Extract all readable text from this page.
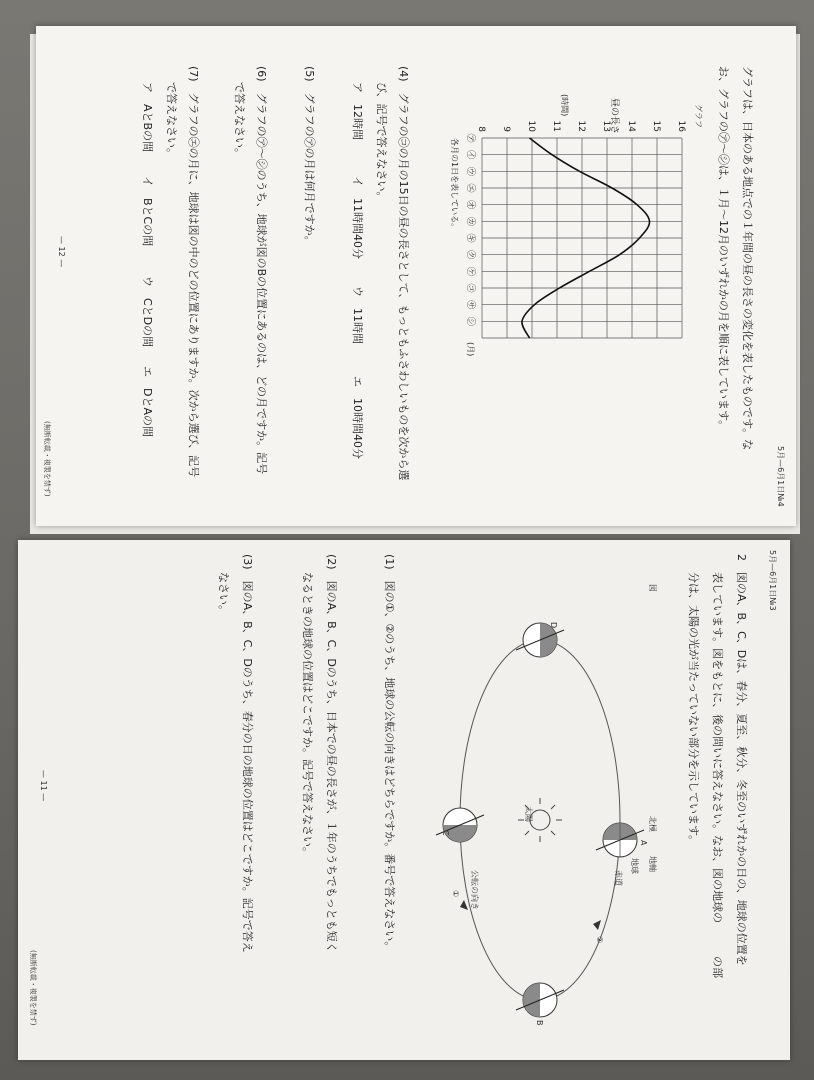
5月—6月1日№4
グラフは、日本のある地点での１年間の昼の長さの変化を表したものです。な
お、グラフの㋐〜㋛は、１月〜12月のいずれかの月を順に表しています。
グラフ
8 9 10 11 12 13 14 15 16
㋐
㋑
㋒
㋓
㋔
㋕
㋖
㋗
㋘
㋙
㋚
㋛
昼の長さ
(時間)
(月)
各月の1日を表している。
(4)　グラフの㋙の月の15日の昼の長さとして、もっともふさわしいものを次から選
び、記号で答えなさい。
ア　12時間
イ　11時間40分
ウ　11時間
エ　10時間40分
(5)　グラフの㋐の月は何月ですか。
(6)　グラフの㋐〜㋛のうち、地球が図のBの位置にあるのは、どの月ですか。記号
で答えなさい。
(7)　グラフの㋓の月に、地球は図の中のどの位置にありますか。次から選び、記号
で答えなさい。
ア　AとBの間
イ　BとCの間
ウ　CとDの間
エ　DとAの間
— 12 —
(無断転載・複製を禁ず)
5月—6月1日№3
2　図のA、B、C、Dは、春分、夏至、秋分、冬至のいずれかの日の、地球の位置を
表しています。図をもとに、後の問いに答えなさい。なお、図の地球の　　　の部
分は、太陽の光が当たっていない部分を示しています。
図
A
北極
地軸
地球
赤道
太陽
B
C
D
公転の向き
①
②
(1)　図の①、②のうち、地球の公転の向きはどちらですか。番号で答えなさい。
(2)　図のA、B、C、Dのうち、日本での昼の長さが、１年のうちでもっとも短く
なるときの地球の位置はどこですか。記号で答えなさい。
(3)　図のA、B、C、Dのうち、春分の日の地球の位置はどこですか。記号で答え
なさい。
— 11 —
(無断転載・複製を禁ず)
